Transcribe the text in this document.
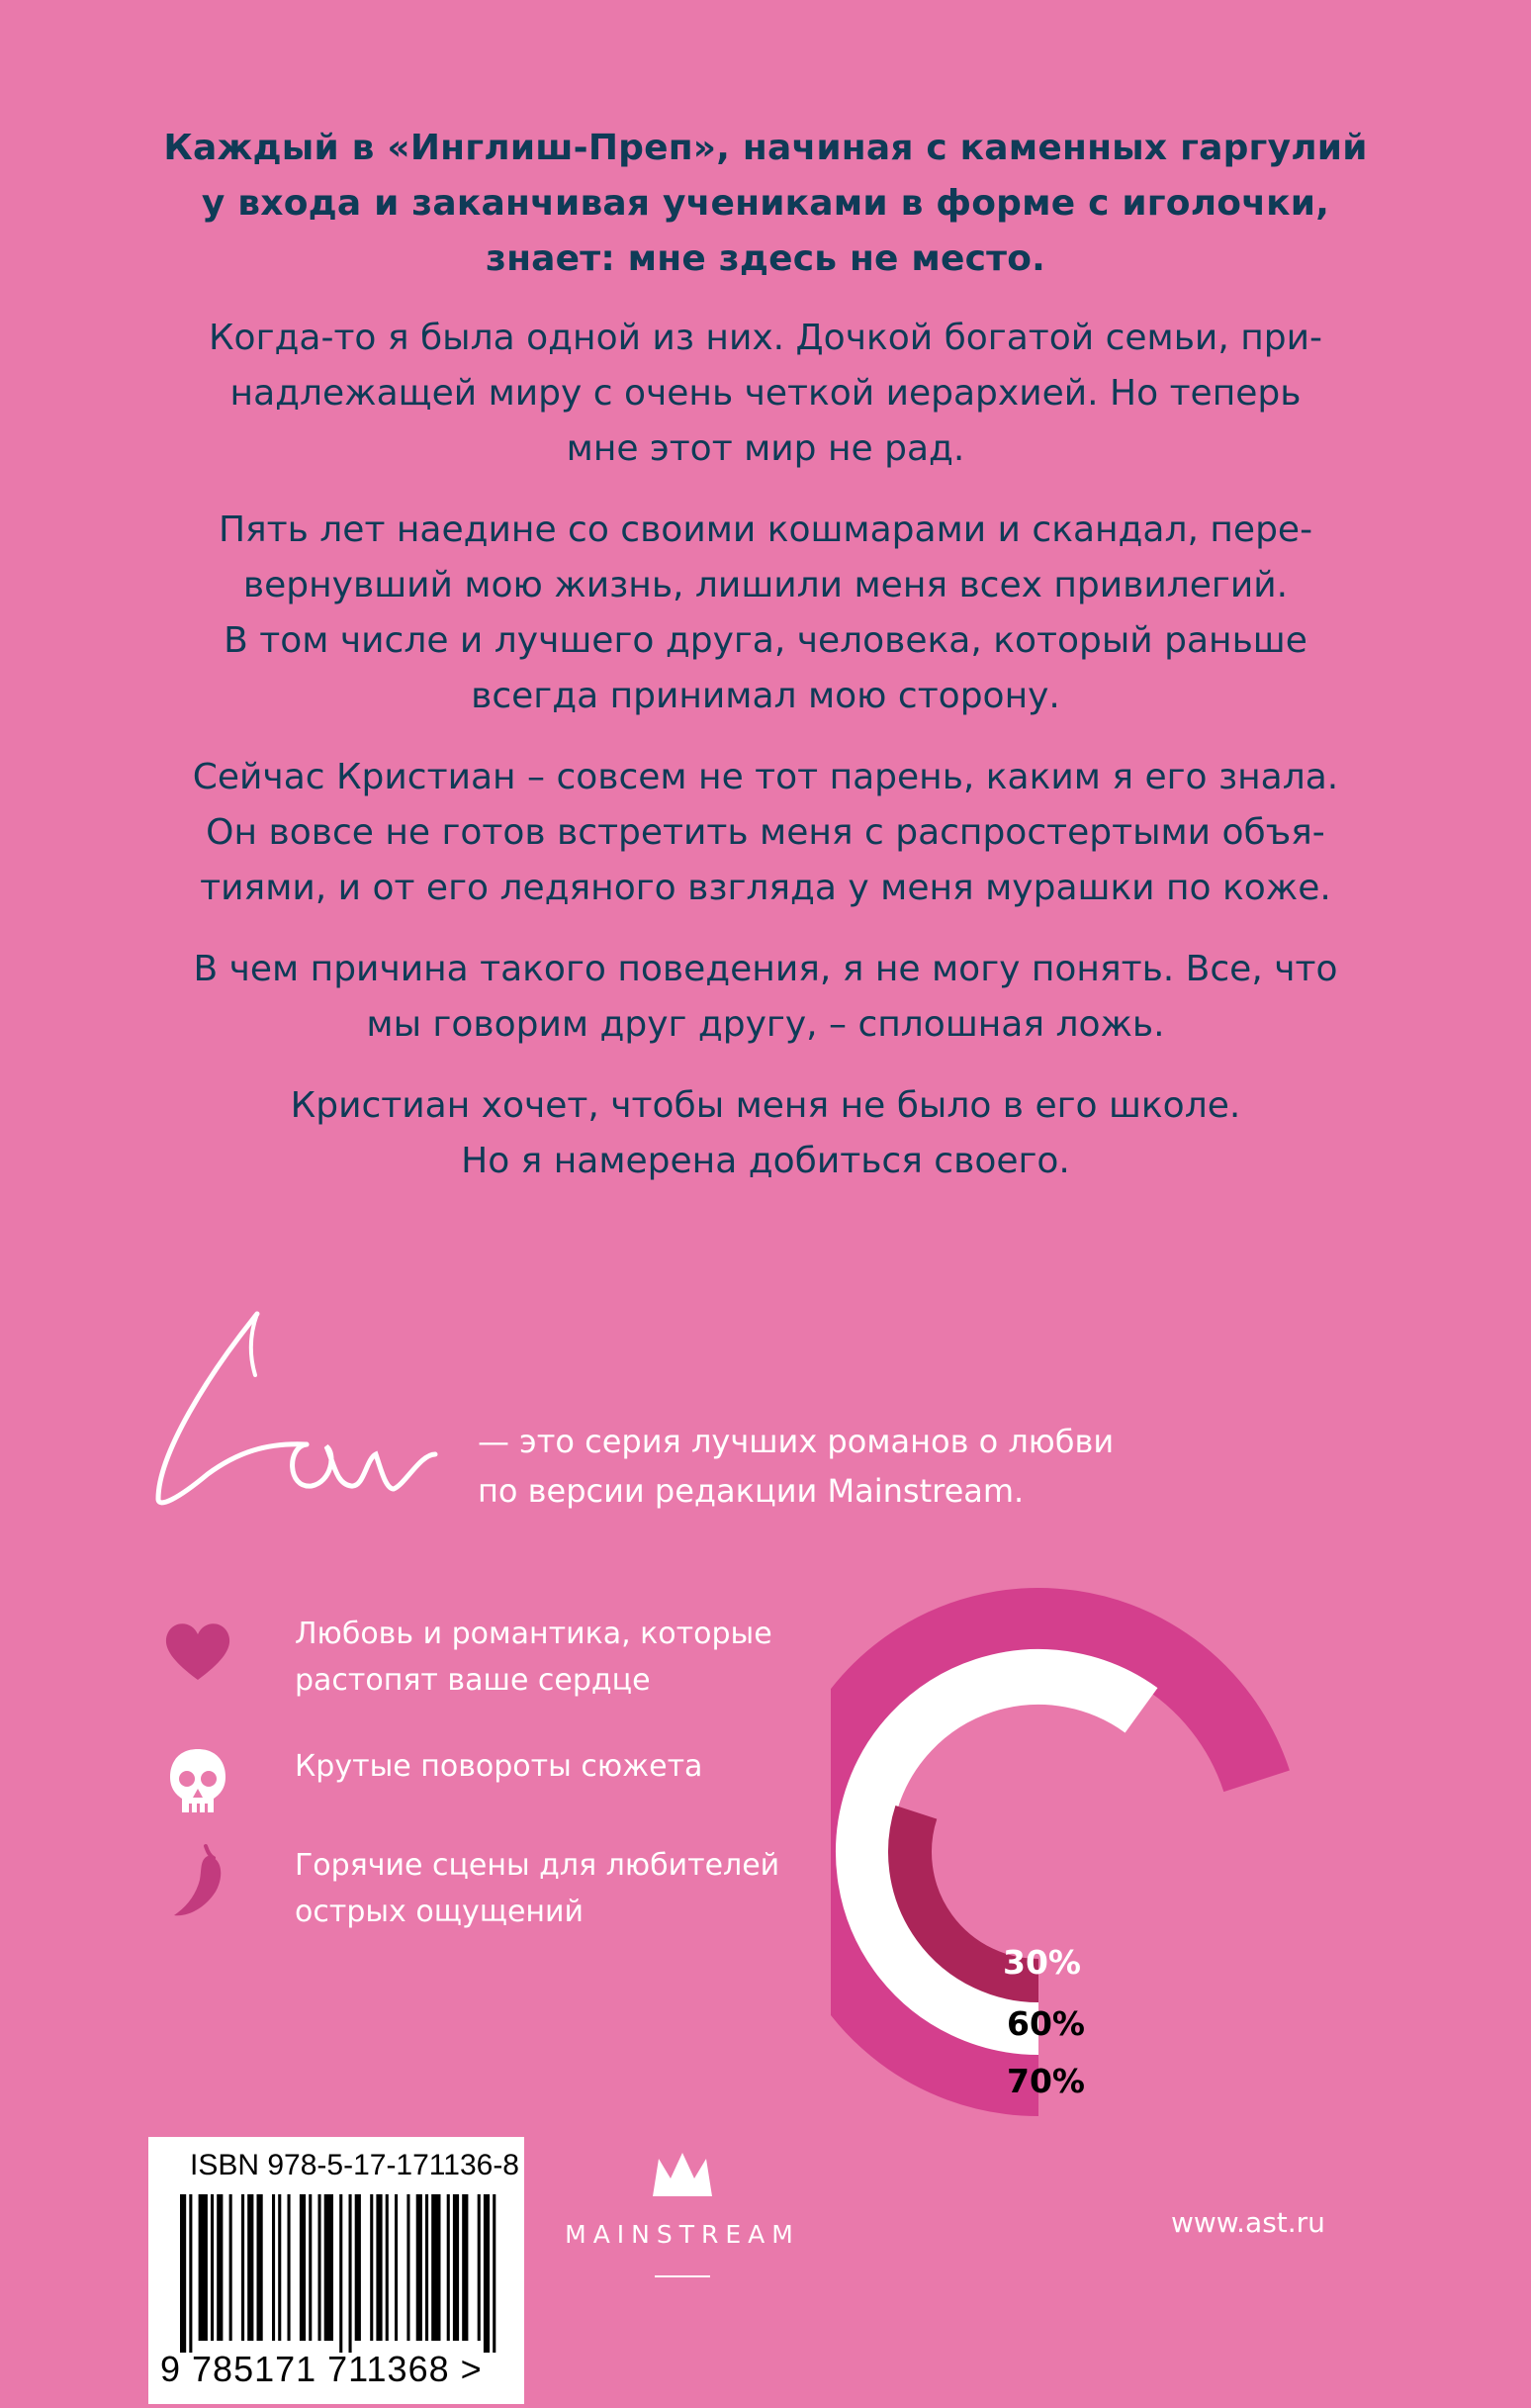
Каждый в «Инглиш-Преп», начиная с каменных гаргулий
у входа и заканчивая учениками в форме с иголочки,
знает: мне здесь не место.

Когда-то я была одной из них. Дочкой богатой семьи, при-
надлежащей миру с очень четкой иерархией. Но теперь
мне этот мир не рад.

Пять лет наедине со своими кошмарами и скандал, пере-
вернувший мою жизнь, лишили меня всех привилегий.
В том числе и лучшего друга, человека, который раньше
всегда принимал мою сторону.

Сейчас Кристиан – совсем не тот парень, каким я его знала.
Он вовсе не готов встретить меня с распростертыми объя-
тиями, и от его ледяного взгляда у меня мурашки по коже.

В чем причина такого поведения, я не могу понять. Все, что
мы говорим друг другу, – сплошная ложь.

Кристиан хочет, чтобы меня не было в его школе.
Но я намерена добиться своего.

— это серия лучших романов о любви
по версии редакции Mainstream.
Любовь и романтика, которые
растопят ваше сердце
Крутые повороты сюжета
Горячие сцены для любителей
острых ощущений
30%
60%
70%
ISBN 978-5-17-171136-8
9 785171 711368 >
MAINSTREAM	www.ast.ru
